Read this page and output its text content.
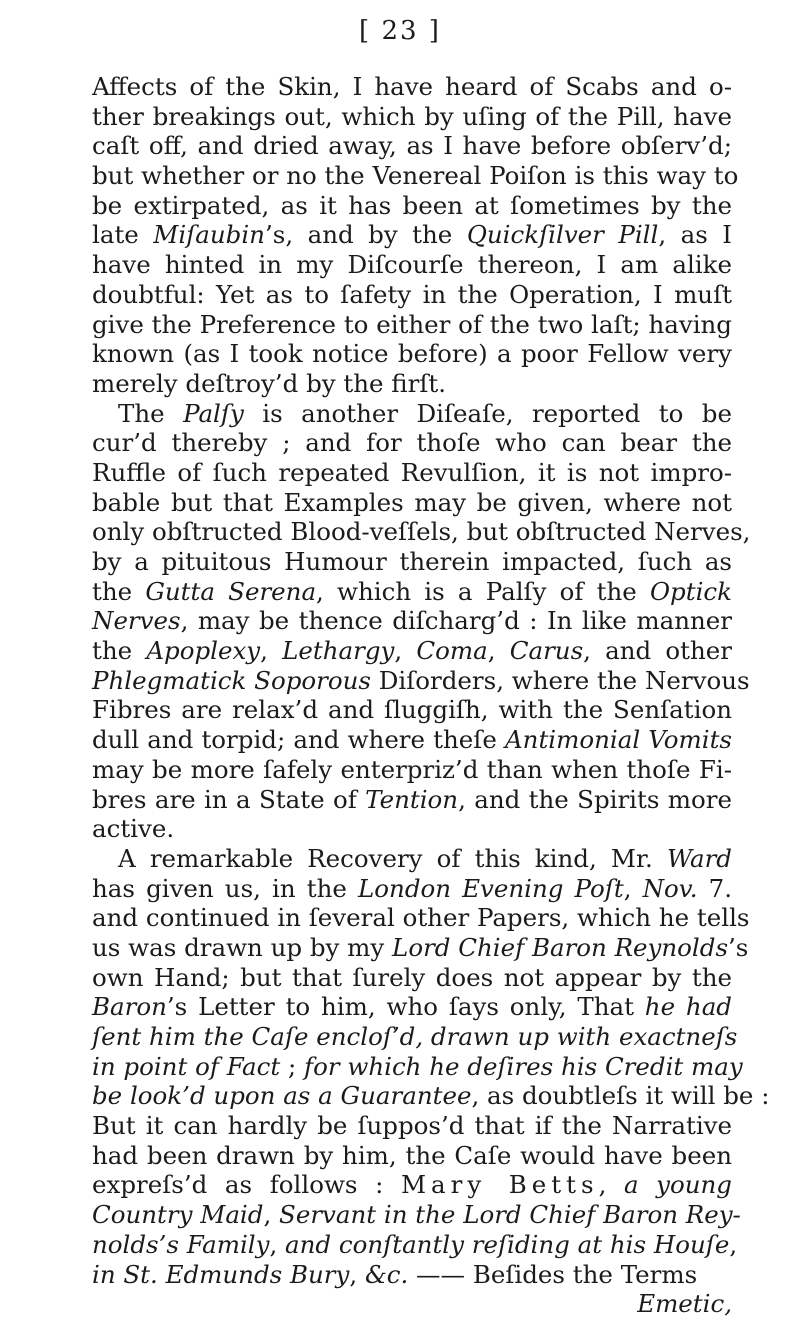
[ 23 ]
Affects of the Skin, I have heard of Scabs and o-
ther breakings out, which by uſing of the Pill, have
caſt off, and dried away, as I have before obſerv’d;
but whether or no the Venereal Poiſon is this way to
be extirpated, as it has been at ſometimes by the
late Miſaubin’s, and by the Quickſilver Pill, as I
have hinted in my Diſcourſe thereon, I am alike
doubtful: Yet as to ſafety in the Operation, I muſt
give the Preference to either of the two laſt; having
known (as I took notice before) a poor Fellow very
merely deſtroy’d by the firſt.
The Palſy is another Diſeaſe, reported to be
cur’d thereby ; and for thoſe who can bear the
Ruffle of ſuch repeated Revulſion, it is not impro-
bable but that Examples may be given, where not
only obſtructed Blood-veſſels, but obſtructed Nerves,
by a pituitous Humour therein impacted, ſuch as
the Gutta Serena, which is a Palſy of the Optick
Nerves, may be thence diſcharg’d : In like manner
the Apoplexy, Lethargy, Coma, Carus, and other
Phlegmatick Soporous Diſorders, where the Nervous
Fibres are relax’d and ſluggiſh, with the Senſation
dull and torpid; and where theſe Antimonial Vomits
may be more ſafely enterpriz’d than when thoſe Fi-
bres are in a State of Tention, and the Spirits more
active.
A remarkable Recovery of this kind, Mr. Ward
has given us, in the London Evening Poſt, Nov. 7.
and continued in ſeveral other Papers, which he tells
us was drawn up by my Lord Chief Baron Reynolds’s
own Hand; but that ſurely does not appear by the
Baron’s Letter to him, who ſays only, That he had
ſent him the Caſe encloſ’d, drawn up with exactneſs
in point of Fact ; for which he deſires his Credit may
be look’d upon as a Guarantee, as doubtleſs it will be :
But it can hardly be ſuppos’d that if the Narrative
had been drawn by him, the Caſe would have been
expreſs’d as follows : Mary Betts, a young
Country Maid, Servant in the Lord Chief Baron Rey-
nolds’s Family, and conſtantly reſiding at his Houſe,
in St. Edmunds Bury, &c. —— Beſides the Terms
Emetic,
